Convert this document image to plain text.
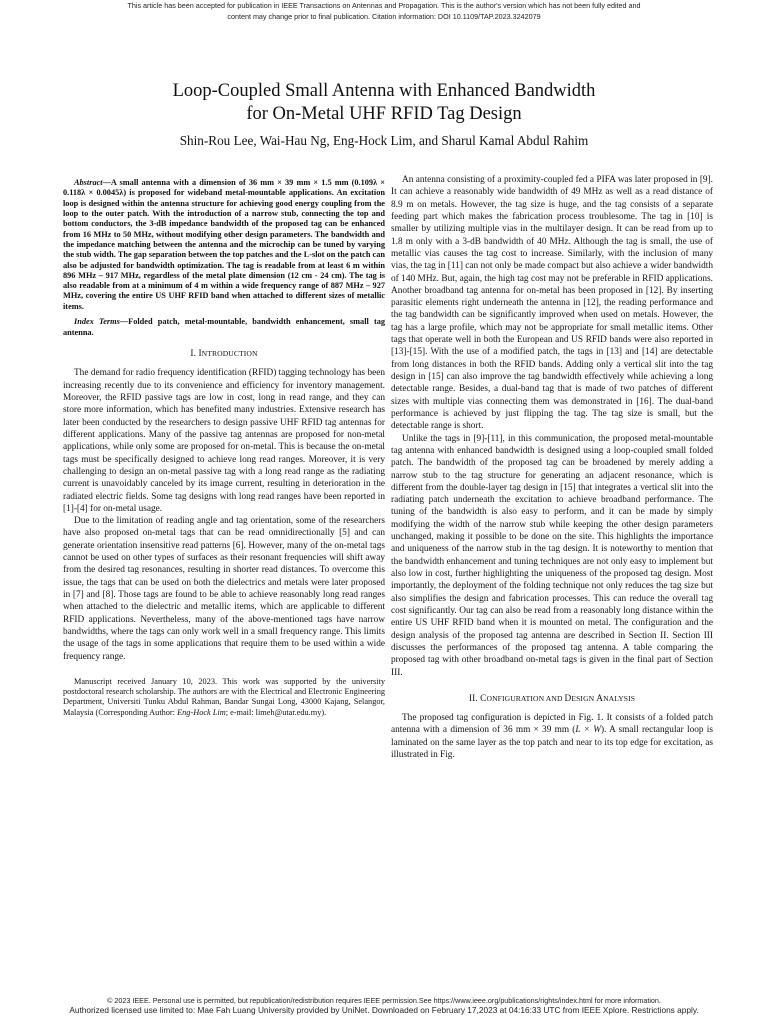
This article has been accepted for publication in IEEE Transactions on Antennas and Propagation. This is the author's version which has not been fully edited and
content may change prior to final publication. Citation information: DOI 10.1109/TAP.2023.3242079
Loop-Coupled Small Antenna with Enhanced Bandwidth
for On-Metal UHF RFID Tag Design
Shin-Rou Lee, Wai-Hau Ng, Eng-Hock Lim, and Sharul Kamal Abdul Rahim

Abstract—A small antenna with a dimension of 36 mm × 39 mm × 1.5 mm (0.109λ × 0.118λ × 0.0045λ) is proposed for wideband metal-mountable applications. An excitation loop is designed within the antenna structure for achieving good energy coupling from the loop to the outer patch. With the introduction of a narrow stub, connecting the top and bottom conductors, the 3-dB impedance bandwidth of the proposed tag can be enhanced from 16 MHz to 50 MHz, without modifying other design parameters. The bandwidth and the impedance matching between the antenna and the microchip can be tuned by varying the stub width. The gap separation between the top patches and the L-slot on the patch can also be adjusted for bandwidth optimization. The tag is readable from at least 6 m within 896 MHz – 917 MHz, regardless of the metal plate dimension (12 cm - 24 cm). The tag is also readable from at a minimum of 4 m within a wide frequency range of 887 MHz – 927 MHz, covering the entire US UHF RFID band when attached to different sizes of metallic items.

Index Terms—Folded patch, metal-mountable, bandwidth enhancement, small tag antenna.

I. INTRODUCTION

The demand for radio frequency identification (RFID) tagging technology has been increasing recently due to its convenience and efficiency for inventory management. Moreover, the RFID passive tags are low in cost, long in read range, and they can store more information, which has benefited many industries. Extensive research has later been conducted by the researchers to design passive UHF RFID tag antennas for different applications. Many of the passive tag antennas are proposed for non-metal applications, while only some are proposed for on-metal. This is because the on-metal tags must be specifically designed to achieve long read ranges. Moreover, it is very challenging to design an on-metal passive tag with a long read range as the radiating current is unavoidably canceled by its image current, resulting in deterioration in the radiated electric fields. Some tag designs with long read ranges have been reported in [1]-[4] for on-metal usage.

Due to the limitation of reading angle and tag orientation, some of the researchers have also proposed on-metal tags that can be read omnidirectionally [5] and can generate orientation insensitive read patterns [6]. However, many of the on-metal tags cannot be used on other types of surfaces as their resonant frequencies will shift away from the desired tag resonances, resulting in shorter read distances. To overcome this issue, the tags that can be used on both the dielectrics and metals were later proposed in [7] and [8]. Those tags are found to be able to achieve reasonably long read ranges when attached to the dielectric and metallic items, which are applicable to different RFID applications. Nevertheless, many of the above-mentioned tags have narrow bandwidths, where the tags can only work well in a small frequency range. This limits the usage of the tags in some applications that require them to be used within a wide frequency range.

Manuscript received January 10, 2023. This work was supported by the university postdoctoral research scholarship. The authors are with the Electrical and Electronic Engineering Department, Universiti Tunku Abdul Rahman, Bandar Sungai Long, 43000 Kajang, Selangor, Malaysia (Corresponding Author: Eng-Hock Lim; e-mail: limeh@utar.edu.my).

An antenna consisting of a proximity-coupled fed a PIFA was later proposed in [9]. It can achieve a reasonably wide bandwidth of 49 MHz as well as a read distance of 8.9 m on metals. However, the tag size is huge, and the tag consists of a separate feeding part which makes the fabrication process troublesome. The tag in [10] is smaller by utilizing multiple vias in the multilayer design. It can be read from up to 1.8 m only with a 3-dB bandwidth of 40 MHz. Although the tag is small, the use of metallic vias causes the tag cost to increase. Similarly, with the inclusion of many vias, the tag in [11] can not only be made compact but also achieve a wider bandwidth of 140 MHz. But, again, the high tag cost may not be preferable in RFID applications. Another broadband tag antenna for on-metal has been proposed in [12]. By inserting parasitic elements right underneath the antenna in [12], the reading performance and the tag bandwidth can be significantly improved when used on metals. However, the tag has a large profile, which may not be appropriate for small metallic items. Other tags that operate well in both the European and US RFID bands were also reported in [13]-[15]. With the use of a modified patch, the tags in [13] and [14] are detectable from long distances in both the RFID bands. Adding only a vertical slit into the tag design in [15] can also improve the tag bandwidth effectively while achieving a long detectable range. Besides, a dual-band tag that is made of two patches of different sizes with multiple vias connecting them was demonstrated in [16]. The dual-band performance is achieved by just flipping the tag. The tag size is small, but the detectable range is short.

Unlike the tags in [9]-[11], in this communication, the proposed metal-mountable tag antenna with enhanced bandwidth is designed using a loop-coupled small folded patch. The bandwidth of the proposed tag can be broadened by merely adding a narrow stub to the tag structure for generating an adjacent resonance, which is different from the double-layer tag design in [15] that integrates a vertical slit into the radiating patch underneath the excitation to achieve broadband performance. The tuning of the bandwidth is also easy to perform, and it can be made by simply modifying the width of the narrow stub while keeping the other design parameters unchanged, making it possible to be done on the site. This highlights the importance and uniqueness of the narrow stub in the tag design. It is noteworthy to mention that the bandwidth enhancement and tuning techniques are not only easy to implement but also low in cost, further highlighting the uniqueness of the proposed tag design. Most importantly, the deployment of the folding technique not only reduces the tag size but also simplifies the design and fabrication processes. This can reduce the overall tag cost significantly. Our tag can also be read from a reasonably long distance within the entire US UHF RFID band when it is mounted on metal. The configuration and the design analysis of the proposed tag antenna are described in Section II. Section III discusses the performances of the proposed tag antenna. A table comparing the proposed tag with other broadband on-metal tags is given in the final part of Section III.

II. CONFIGURATION AND DESIGN ANALYSIS

The proposed tag configuration is depicted in Fig. 1. It consists of a folded patch antenna with a dimension of 36 mm × 39 mm (L × W). A small rectangular loop is laminated on the same layer as the top patch and near to its top edge for excitation, as illustrated in Fig.

© 2023 IEEE. Personal use is permitted, but republication/redistribution requires IEEE permission.See https://www.ieee.org/publications/rights/index.html for more information.
Authorized licensed use limited to: Mae Fah Luang University provided by UniNet. Downloaded on February 17,2023 at 04:16:33 UTC from IEEE Xplore. Restrictions apply.
